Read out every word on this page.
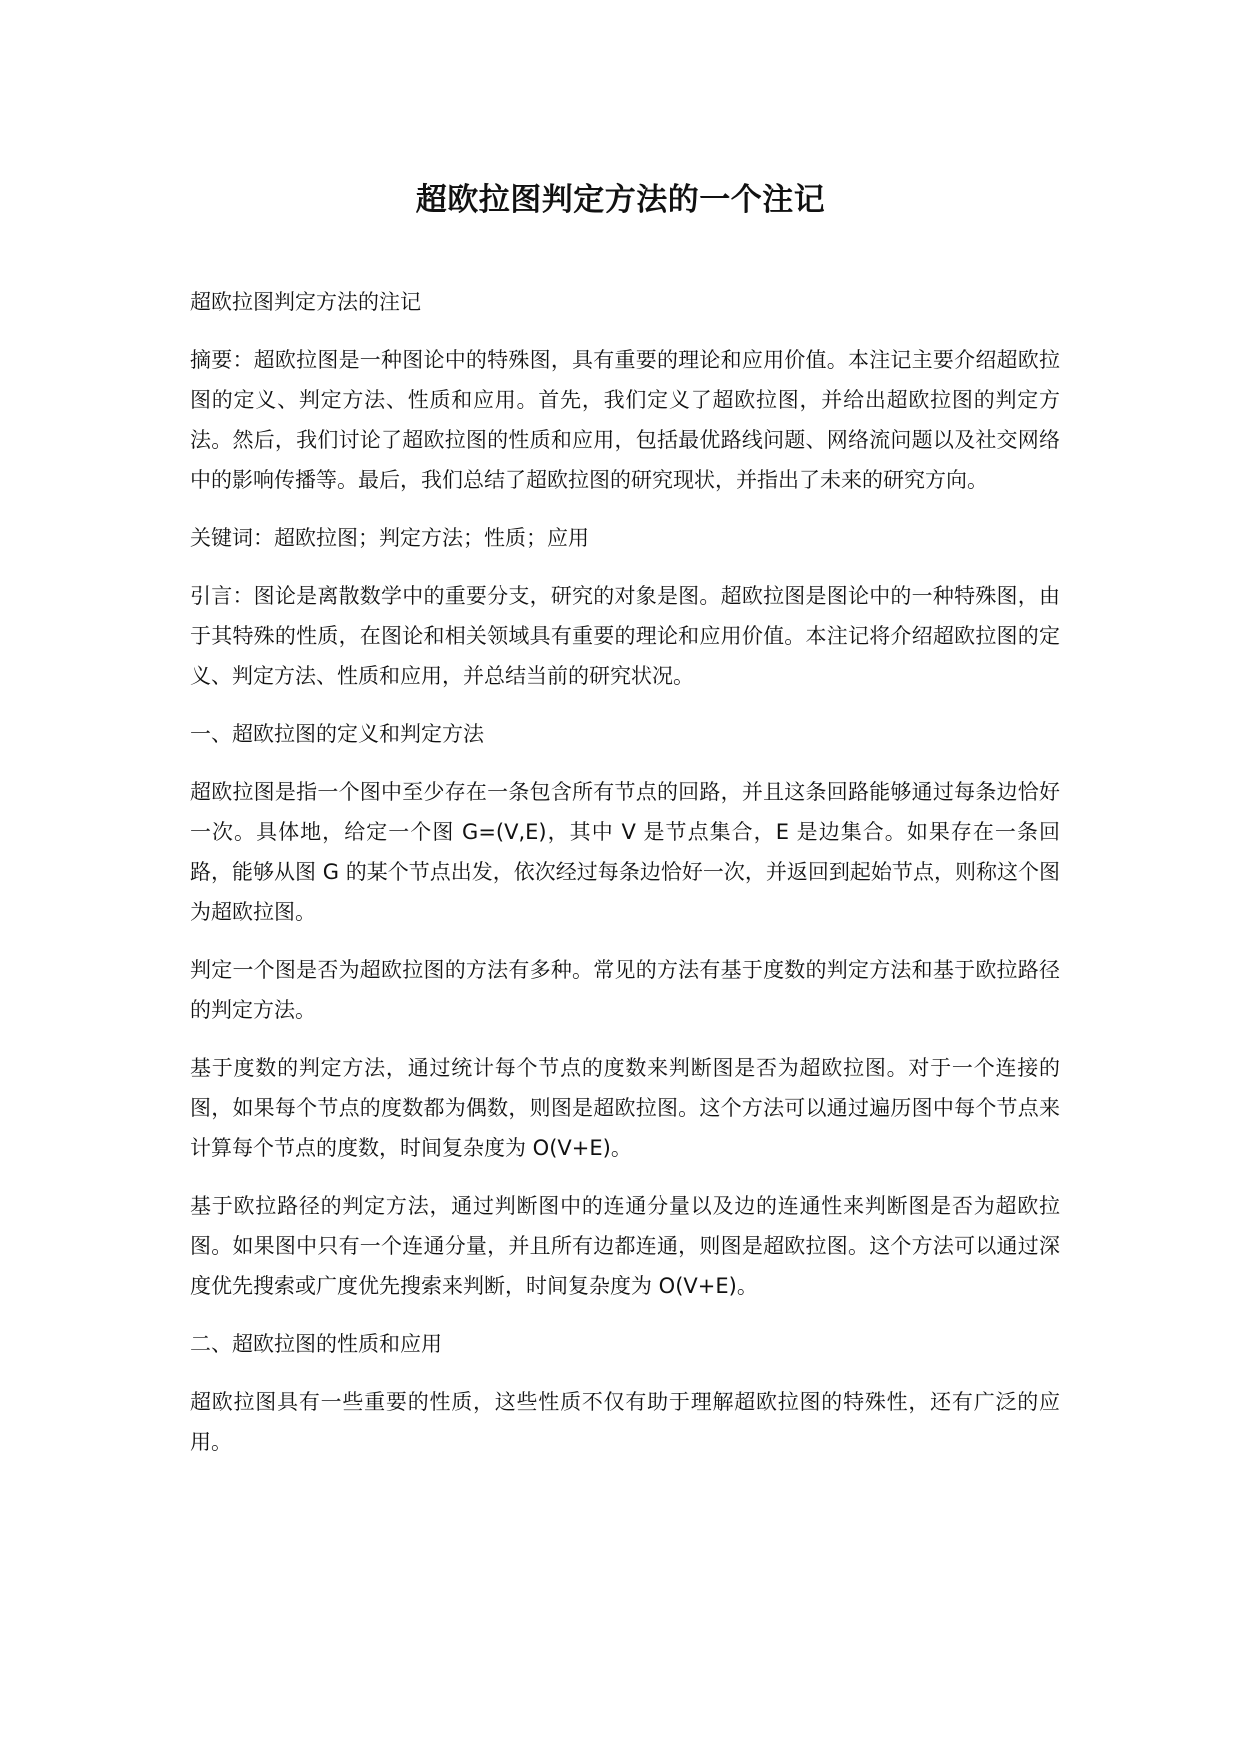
超欧拉图判定方法的一个注记

超欧拉图判定方法的注记

摘要：超欧拉图是一种图论中的特殊图，具有重要的理论和应用价值。本注记主要介绍超欧拉图的定义、判定方法、性质和应用。首先，我们定义了超欧拉图，并给出超欧拉图的判定方法。然后，我们讨论了超欧拉图的性质和应用，包括最优路线问题、网络流问题以及社交网络中的影响传播等。最后，我们总结了超欧拉图的研究现状，并指出了未来的研究方向。

关键词：超欧拉图；判定方法；性质；应用

引言：图论是离散数学中的重要分支，研究的对象是图。超欧拉图是图论中的一种特殊图，由于其特殊的性质，在图论和相关领域具有重要的理论和应用价值。本注记将介绍超欧拉图的定义、判定方法、性质和应用，并总结当前的研究状况。

一、超欧拉图的定义和判定方法

超欧拉图是指一个图中至少存在一条包含所有节点的回路，并且这条回路能够通过每条边恰好一次。具体地，给定一个图 G=(V,E)，其中 V 是节点集合，E 是边集合。如果存在一条回路，能够从图 G 的某个节点出发，依次经过每条边恰好一次，并返回到起始节点，则称这个图为超欧拉图。

判定一个图是否为超欧拉图的方法有多种。常见的方法有基于度数的判定方法和基于欧拉路径的判定方法。

基于度数的判定方法，通过统计每个节点的度数来判断图是否为超欧拉图。对于一个连接的图，如果每个节点的度数都为偶数，则图是超欧拉图。这个方法可以通过遍历图中每个节点来计算每个节点的度数，时间复杂度为 O(V+E)。

基于欧拉路径的判定方法，通过判断图中的连通分量以及边的连通性来判断图是否为超欧拉图。如果图中只有一个连通分量，并且所有边都连通，则图是超欧拉图。这个方法可以通过深度优先搜索或广度优先搜索来判断，时间复杂度为 O(V+E)。

二、超欧拉图的性质和应用

超欧拉图具有一些重要的性质，这些性质不仅有助于理解超欧拉图的特殊性，还有广泛的应用。
